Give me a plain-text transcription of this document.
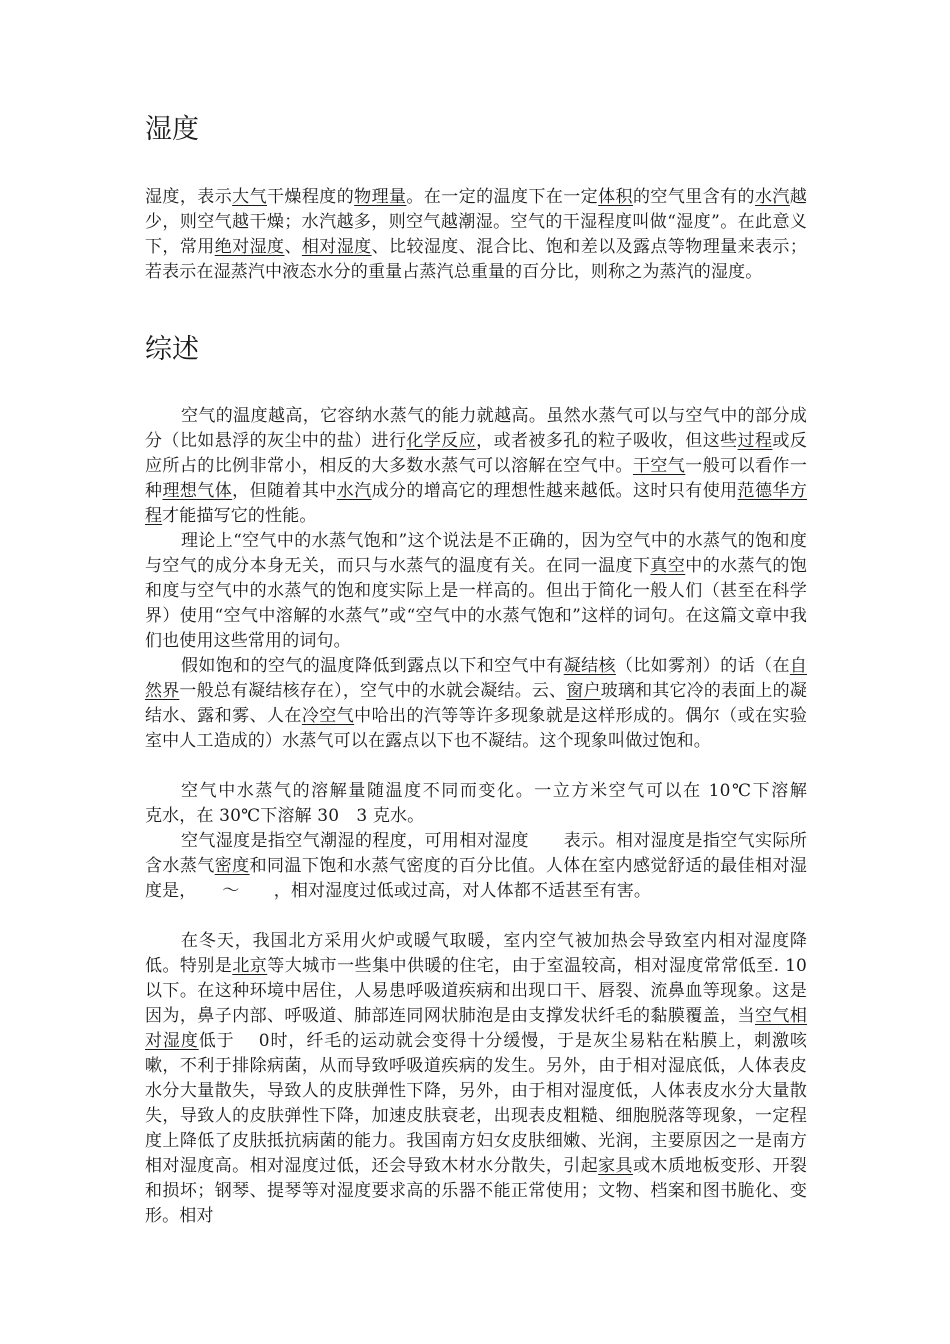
湿度

湿度，表示大气干燥程度的物理量。在一定的温度下在一定体积的空气里含有的水汽越少，则空气越干燥；水汽越多，则空气越潮湿。空气的干湿程度叫做“湿度”。在此意义下，常用绝对湿度、相对湿度、比较湿度、混合比、饱和差以及露点等物理量来表示；若表示在湿蒸汽中液态水分的重量占蒸汽总重量的百分比，则称之为蒸汽的湿度。

综述

空气的温度越高，它容纳水蒸气的能力就越高。虽然水蒸气可以与空气中的部分成分（比如悬浮的灰尘中的盐）进行化学反应，或者被多孔的粒子吸收，但这些过程或反应所占的比例非常小，相反的大多数水蒸气可以溶解在空气中。干空气一般可以看作一种理想气体，但随着其中水汽成分的增高它的理想性越来越低。这时只有使用范德华方程才能描写它的性能。

理论上“空气中的水蒸气饱和”这个说法是不正确的，因为空气中的水蒸气的饱和度与空气的成分本身无关，而只与水蒸气的温度有关。在同一温度下真空中的水蒸气的饱和度与空气中的水蒸气的饱和度实际上是一样高的。但出于简化一般人们（甚至在科学界）使用“空气中溶解的水蒸气”或“空气中的水蒸气饱和”这样的词句。在这篇文章中我们也使用这些常用的词句。

假如饱和的空气的温度降低到露点以下和空气中有凝结核（比如雾剂）的话（在自然界一般总有凝结核存在），空气中的水就会凝结。云、窗户玻璃和其它冷的表面上的凝结水、露和雾、人在冷空气中哈出的汽等等许多现象就是这样形成的。偶尔（或在实验室中人工造成的）水蒸气可以在露点以下也不凝结。这个现象叫做过饱和。

空气中水蒸气的溶解量随温度不同而变化。一立方米空气可以在 10℃下溶解　　克水，在 30℃下溶解 30　3 克水。

空气湿度是指空气潮湿的程度，可用相对湿度　　表示。相对湿度是指空气实际所含水蒸气密度和同温下饱和水蒸气密度的百分比值。人体在室内感觉舒适的最佳相对湿度是，　　～　　，相对湿度过低或过高，对人体都不适甚至有害。

在冬天，我国北方采用火炉或暖气取暖，室内空气被加热会导致室内相对湿度降低。特别是北京等大城市一些集中供暖的住宅，由于室温较高，相对湿度常常低至. 10 以下。在这种环境中居住，人易患呼吸道疾病和出现口干、唇裂、流鼻血等现象。这是因为，鼻子内部、呼吸道、肺部连同网状肺泡是由支撑发状纤毛的黏膜覆盖，当空气相对湿度低于　 0时，纤毛的运动就会变得十分缓慢，于是灰尘易粘在粘膜上，刺激咳嗽，不利于排除病菌，从而导致呼吸道疾病的发生。另外，由于相对湿底低，人体表皮水分大量散失，导致人的皮肤弹性下降，另外，由于相对湿度低，人体表皮水分大量散失，导致人的皮肤弹性下降，加速皮肤衰老，出现表皮粗糙、细胞脱落等现象，一定程度上降低了皮肤抵抗病菌的能力。我国南方妇女皮肤细嫩、光润，主要原因之一是南方相对湿度高。相对湿度过低，还会导致木材水分散失，引起家具或木质地板变形、开裂和损坏；钢琴、提琴等对湿度要求高的乐器不能正常使用；文物、档案和图书脆化、变形。相对
